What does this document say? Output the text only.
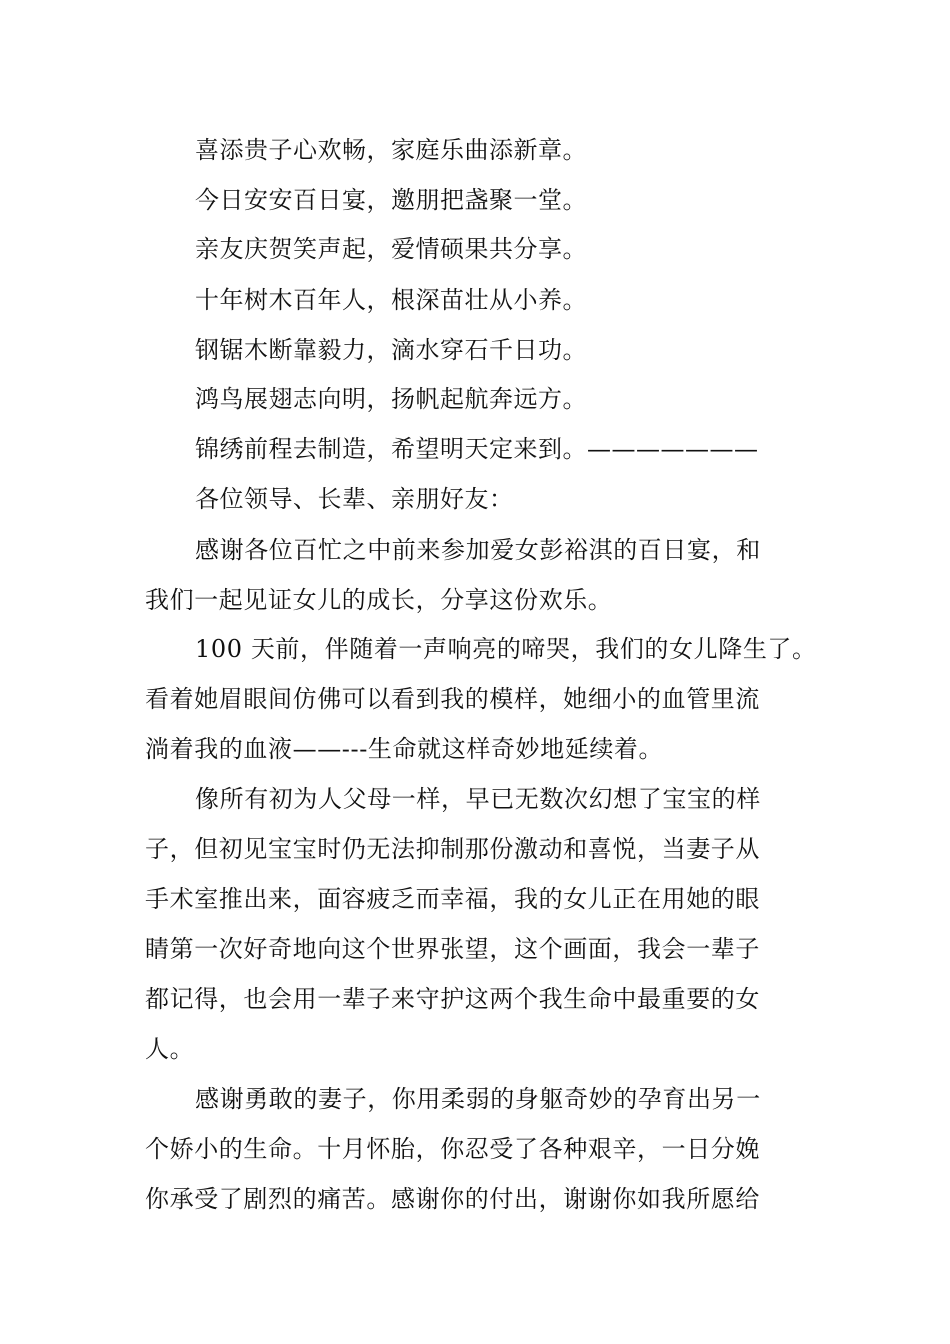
喜添贵子心欢畅，家庭乐曲添新章。
今日安安百日宴，邀朋把盏聚一堂。
亲友庆贺笑声起，爱情硕果共分享。
十年树木百年人，根深苗壮从小养。
钢锯木断靠毅力，滴水穿石千日功。
鸿鸟展翅志向明，扬帆起航奔远方。
锦绣前程去制造，希望明天定来到。———————
各位领导、长辈、亲朋好友：
感谢各位百忙之中前来参加爱女彭裕淇的百日宴，和
我们一起见证女儿的成长，分享这份欢乐。
100 天前，伴随着一声响亮的啼哭，我们的女儿降生了。
看着她眉眼间仿佛可以看到我的模样，她细小的血管里流
淌着我的血液——---生命就这样奇妙地延续着。
像所有初为人父母一样，早已无数次幻想了宝宝的样
子，但初见宝宝时仍无法抑制那份激动和喜悦，当妻子从
手术室推出来，面容疲乏而幸福，我的女儿正在用她的眼
睛第一次好奇地向这个世界张望，这个画面，我会一辈子
都记得，也会用一辈子来守护这两个我生命中最重要的女
人。
感谢勇敢的妻子，你用柔弱的身躯奇妙的孕育出另一
个娇小的生命。十月怀胎，你忍受了各种艰辛，一日分娩
你承受了剧烈的痛苦。感谢你的付出，谢谢你如我所愿给
